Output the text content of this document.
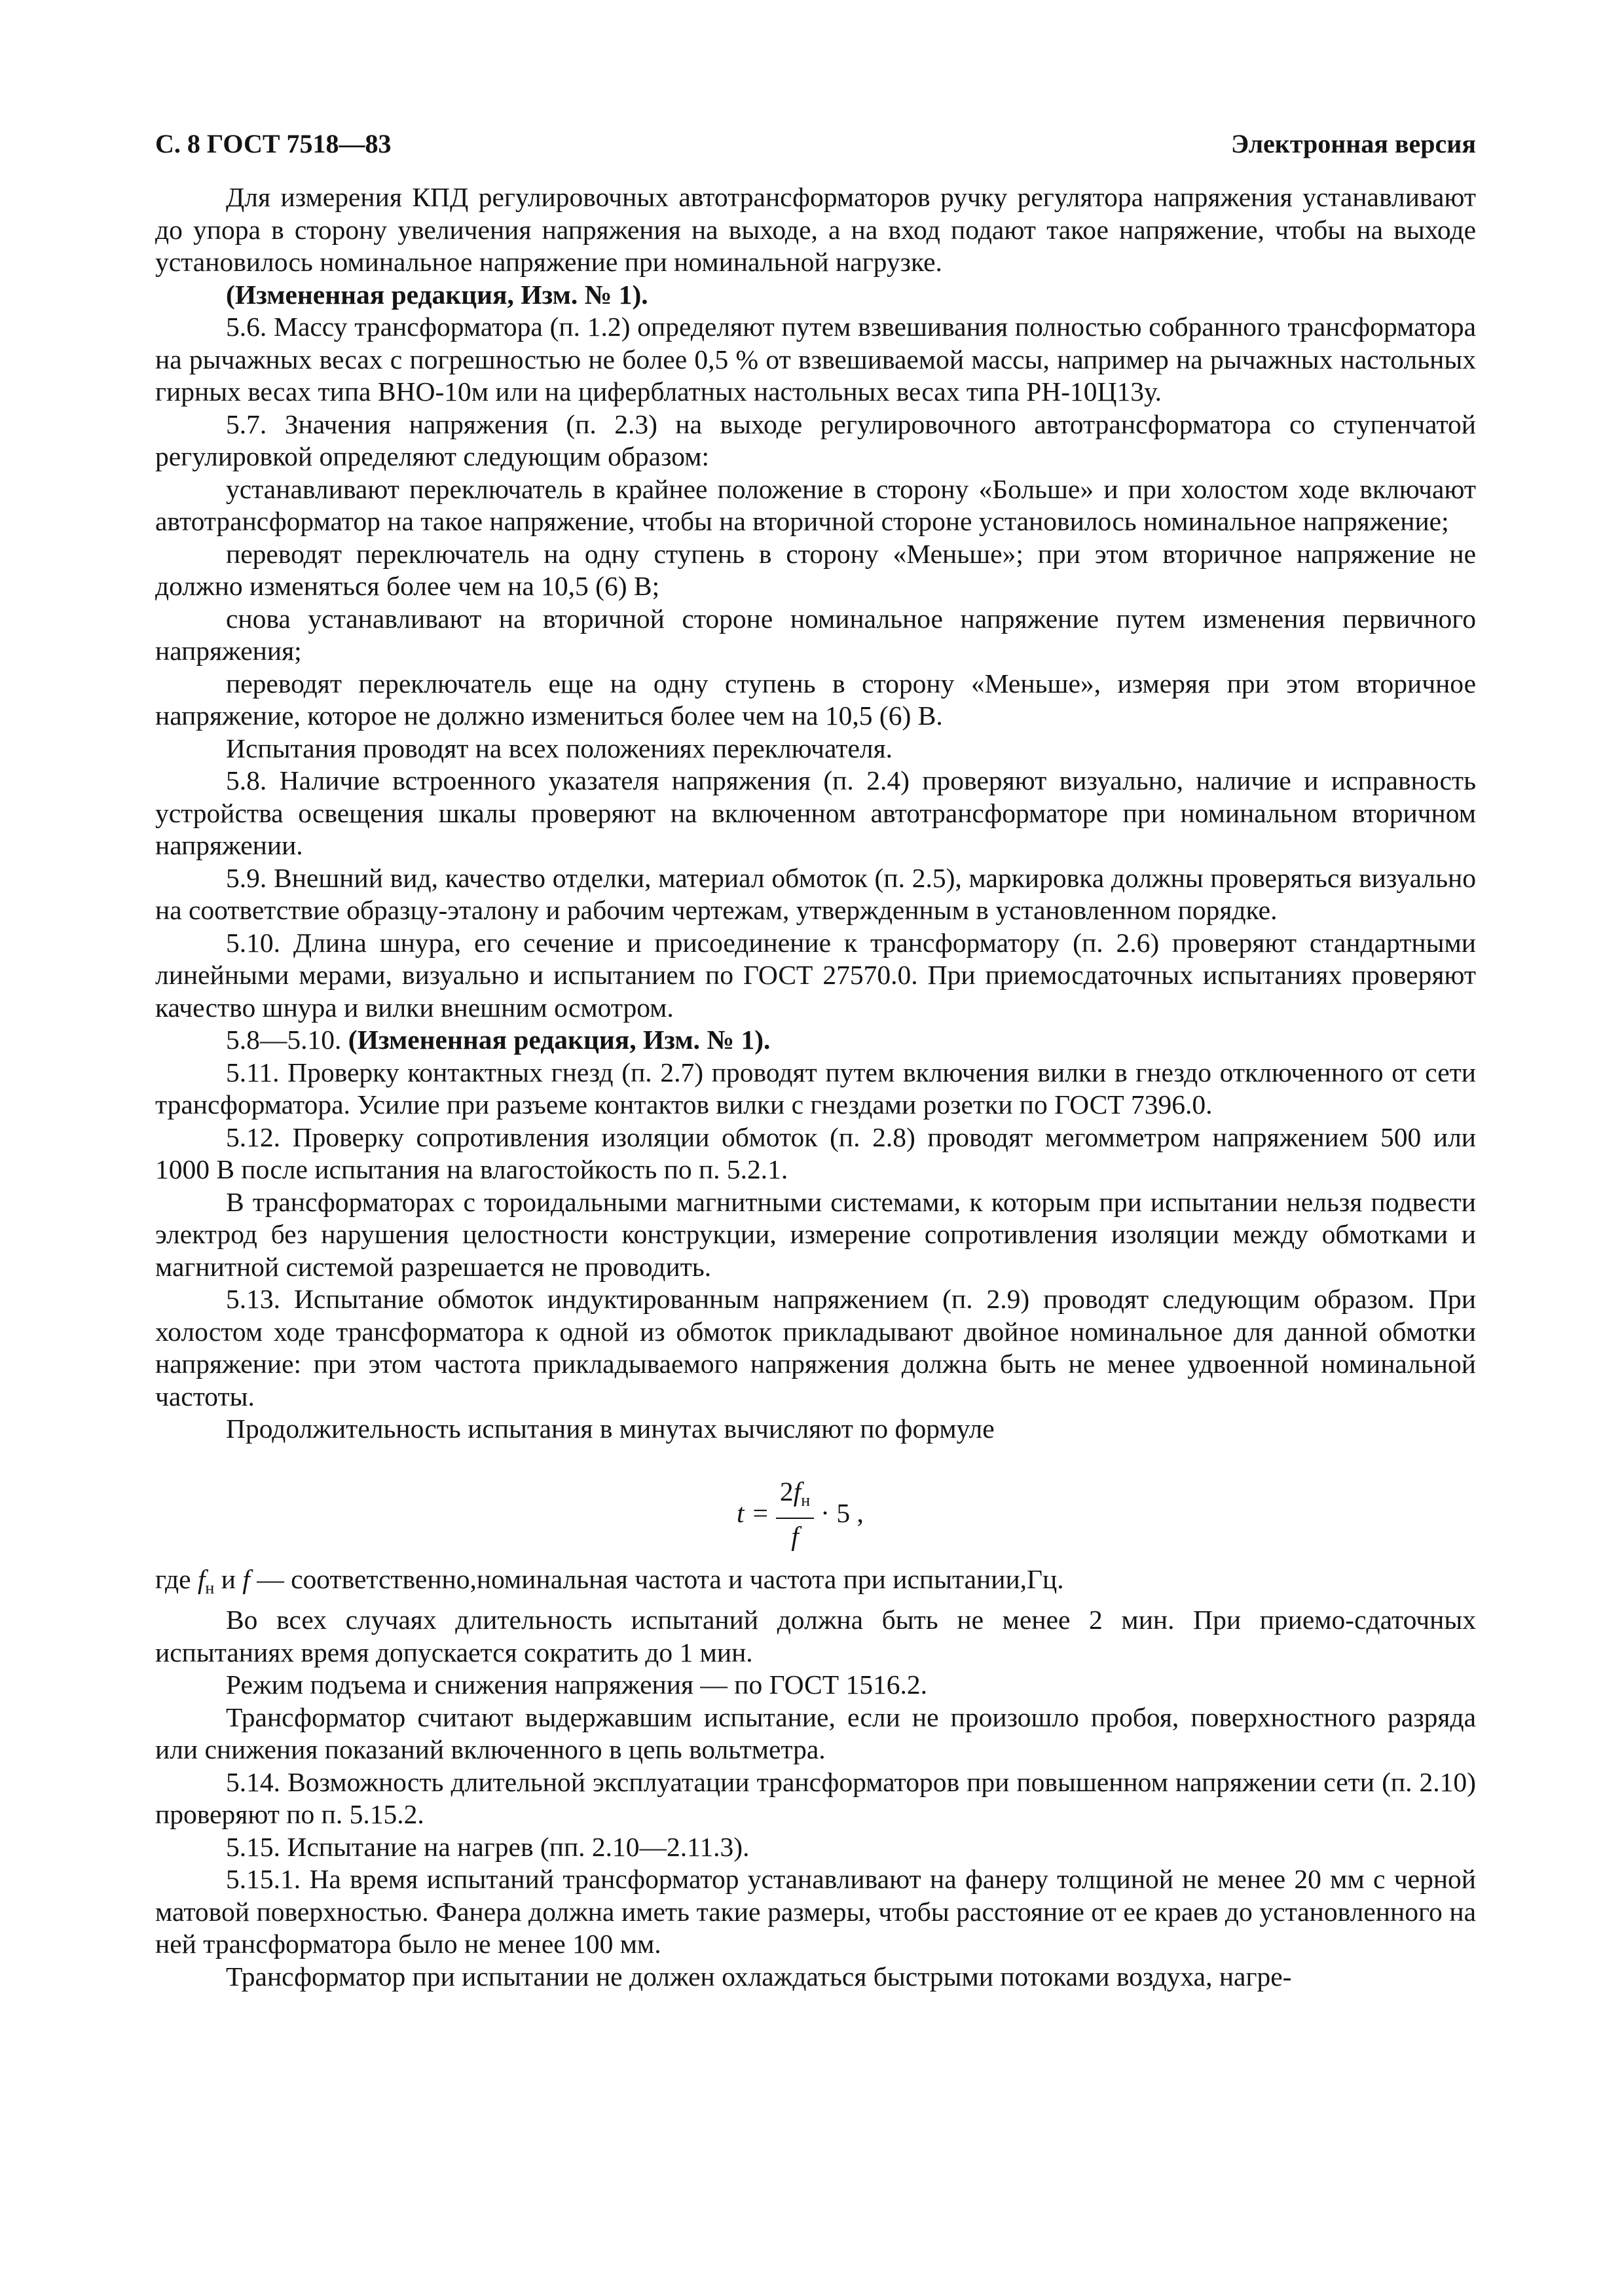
С. 8 ГОСТ 7518—83	Электронная версия

Для измерения КПД регулировочных автотрансформаторов ручку регулятора напряжения устанавливают до упора в сторону увеличения напряжения на выходе, а на вход подают такое напряжение, чтобы на выходе установилось номинальное напряжение при номинальной нагрузке.

(Измененная редакция, Изм. № 1).

5.6. Массу трансформатора (п. 1.2) определяют путем взвешивания полностью собранного трансформатора на рычажных весах с погрешностью не более 0,5 % от взвешиваемой массы, например на рычажных настольных гирных весах типа ВНО-10м или на циферблатных настольных весах типа РН-10Ц13у.

5.7. Значения напряжения (п. 2.3) на выходе регулировочного автотрансформатора со ступенчатой регулировкой определяют следующим образом:

устанавливают переключатель в крайнее положение в сторону «Больше» и при холостом ходе включают автотрансформатор на такое напряжение, чтобы на вторичной стороне установилось номинальное напряжение;

переводят переключатель на одну ступень в сторону «Меньше»; при этом вторичное напряжение не должно изменяться более чем на 10,5 (6) В;

снова устанавливают на вторичной стороне номинальное напряжение путем изменения первичного напряжения;

переводят переключатель еще на одну ступень в сторону «Меньше», измеряя при этом вторичное напряжение, которое не должно измениться более чем на 10,5 (6) В.

Испытания проводят на всех положениях переключателя.

5.8. Наличие встроенного указателя напряжения (п. 2.4) проверяют визуально, наличие и исправность устройства освещения шкалы проверяют на включенном автотрансформаторе при номинальном вторичном напряжении.

5.9. Внешний вид, качество отделки, материал обмоток (п. 2.5), маркировка должны проверяться визуально на соответствие образцу-эталону и рабочим чертежам, утвержденным в установленном порядке.

5.10. Длина шнура, его сечение и присоединение к трансформатору (п. 2.6) проверяют стандартными линейными мерами, визуально и испытанием по ГОСТ 27570.0. При приемосдаточных испытаниях проверяют качество шнура и вилки внешним осмотром.

5.8—5.10. (Измененная редакция, Изм. № 1).

5.11. Проверку контактных гнезд (п. 2.7) проводят путем включения вилки в гнездо отключенного от сети трансформатора. Усилие при разъеме контактов вилки с гнездами розетки по ГОСТ 7396.0.

5.12. Проверку сопротивления изоляции обмоток (п. 2.8) проводят мегомметром напряжением 500 или 1000 В после испытания на влагостойкость по п. 5.2.1.

В трансформаторах с тороидальными магнитными системами, к которым при испытании нельзя подвести электрод без нарушения целостности конструкции, измерение сопротивления изоляции между обмотками и магнитной системой разрешается не проводить.

5.13. Испытание обмоток индуктированным напряжением (п. 2.9) проводят следующим образом. При холостом ходе трансформатора к одной из обмоток прикладывают двойное номинальное для данной обмотки напряжение: при этом частота прикладываемого напряжения должна быть не менее удвоенной номинальной частоты.

Продолжительность испытания в минутах вычисляют по формуле

$t = \frac{2f_н}{f} \cdot 5$ ,

где $f_н$ и f — соответственно,номинальная частота и частота при испытании,Гц.

Во всех случаях длительность испытаний должна быть не менее 2 мин. При приемо-сдаточных испытаниях время допускается сократить до 1 мин.

Режим подъема и снижения напряжения — по ГОСТ 1516.2.

Трансформатор считают выдержавшим испытание, если не произошло пробоя, поверхностного разряда или снижения показаний включенного в цепь вольтметра.

5.14. Возможность длительной эксплуатации трансформаторов при повышенном напряжении сети (п. 2.10) проверяют по п. 5.15.2.

5.15. Испытание на нагрев (пп. 2.10—2.11.3).

5.15.1. На время испытаний трансформатор устанавливают на фанеру толщиной не менее 20 мм с черной матовой поверхностью. Фанера должна иметь такие размеры, чтобы расстояние от ее краев до установленного на ней трансформатора было не менее 100 мм.

Трансформатор при испытании не должен охлаждаться быстрыми потоками воздуха, нагре-
